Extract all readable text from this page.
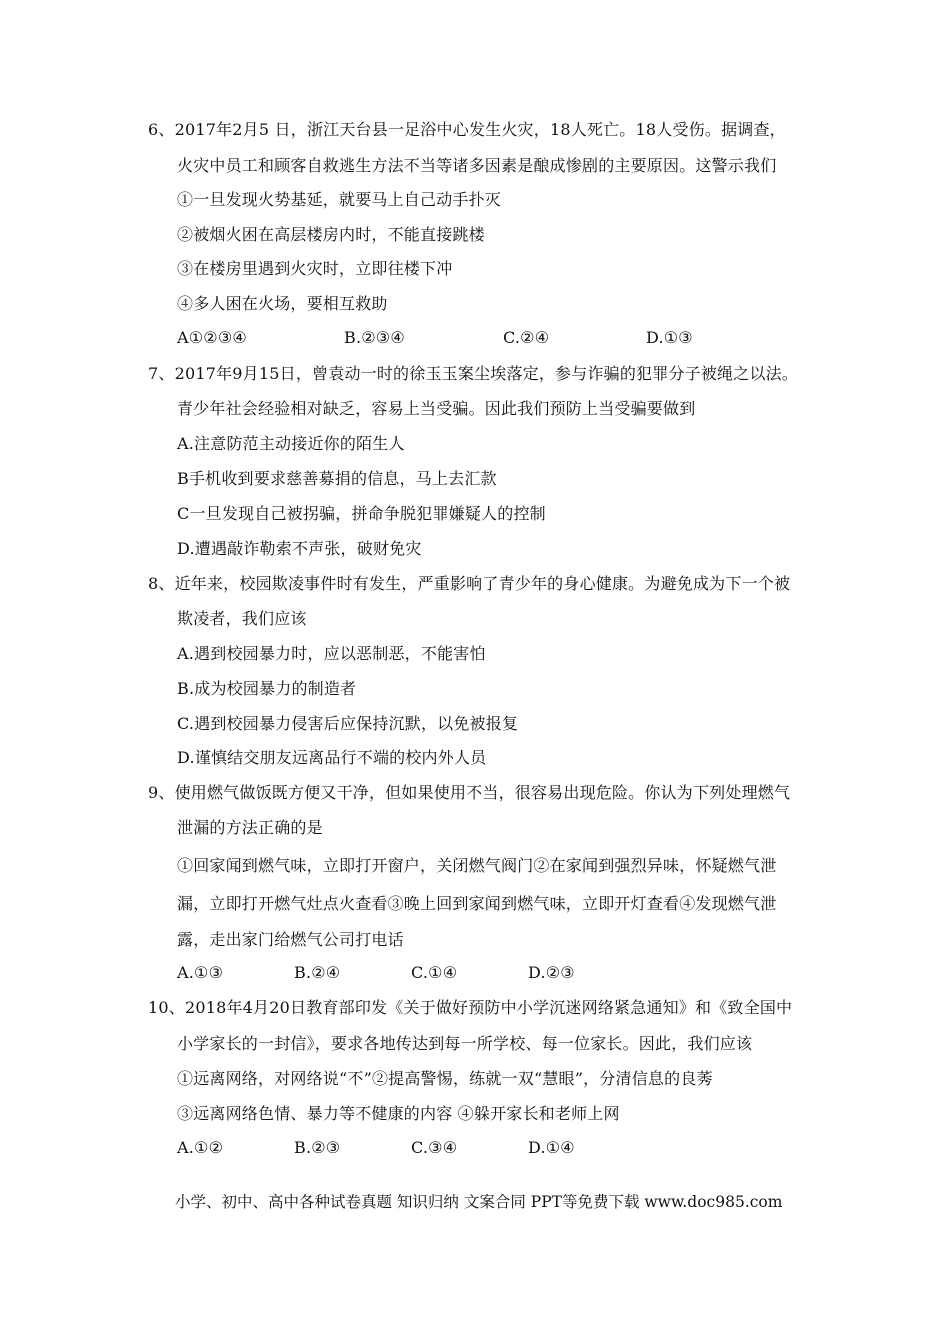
6、2017年2月5 日，浙江天台县一足浴中心发生火灾，18人死亡。18人受伤。据调查，
火灾中员工和顾客自救逃生方法不当等诸多因素是酿成惨剧的主要原因。这警示我们
①一旦发现火势基延，就要马上自己动手扑灭
②被烟火困在高层楼房内时，不能直接跳楼
③在楼房里遇到火灾时，立即往楼下冲
④多人困在火场，要相互救助
A①②③④	B.②③④	C.②④	D.①③
7、2017年9月15日，曾袁动一时的徐玉玉案尘埃落定，参与诈骗的犯罪分子被绳之以法。
青少年社会经验相对缺乏，容易上当受骗。因此我们预防上当受骗要做到
A.注意防范主动接近你的陌生人
B手机收到要求慈善募捐的信息，马上去汇款
C一旦发现自己被拐骗，拼命争脱犯罪嫌疑人的控制
D.遭遇敲诈勒索不声张，破财免灾
8、近年来，校园欺凌事件时有发生，严重影响了青少年的身心健康。为避免成为下一个被
欺凌者，我们应该
A.遇到校园暴力时，应以恶制恶，不能害怕
B.成为校园暴力的制造者
C.遇到校园暴力侵害后应保持沉默，以免被报复
D.谨慎结交朋友远离品行不端的校内外人员
9、使用燃气做饭既方便又干净，但如果使用不当，很容易出现危险。你认为下列处理燃气
泄漏的方法正确的是
①回家闻到燃气味，立即打开窗户，关闭燃气阀门②在家闻到强烈异味，怀疑燃气泄
漏，立即打开燃气灶点火查看③晚上回到家闻到燃气味，立即开灯查看④发现燃气泄
露，走出家门给燃气公司打电话
A.①③	B.②④	C.①④	D.②③
10、2018年4月20日教育部印发《关于做好预防中小学沉迷网络紧急通知》和《致全国中
小学家长的一封信》，要求各地传达到每一所学校、每一位家长。因此，我们应该
①远离网络，对网络说“不”②提高警惕，练就一双“慧眼”，分清信息的良莠
③远离网络色情、暴力等不健康的内容 ④躲开家长和老师上网
A.①②	B.②③	C.③④	D.①④
小学、初中、高中各种试卷真题 知识归纳 文案合同 PPT等免费下载 www.doc985.com
